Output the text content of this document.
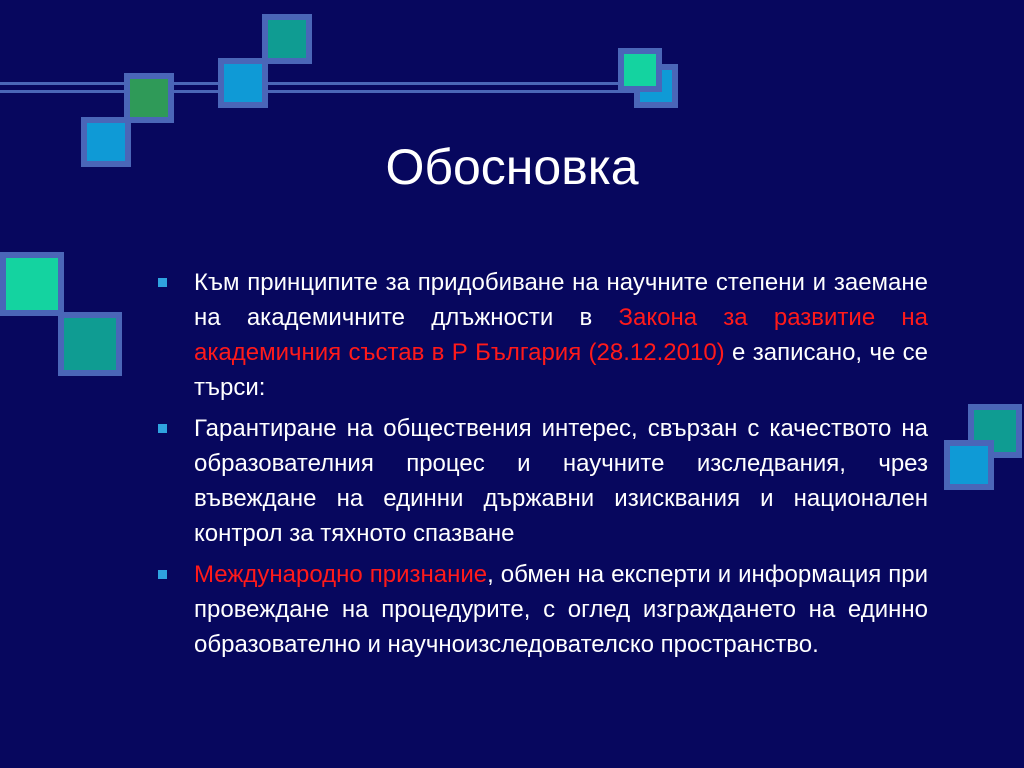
Обосновка
Към принципите за придобиване на научните степени и заемане на академичните длъжности в Закона за развитие на академичния състав в Р България (28.12.2010) е записано, че се търси:
Гарантиране на обществения интерес, свързан с качеството на образователния процес и научните изследвания, чрез въвеждане на единни държавни изисквания и национален контрол за тяхното спазване
Международно признание, обмен на експерти и информация при провеждане на процедурите, с оглед изграждането на единно образователно и научноизследователско пространство.
